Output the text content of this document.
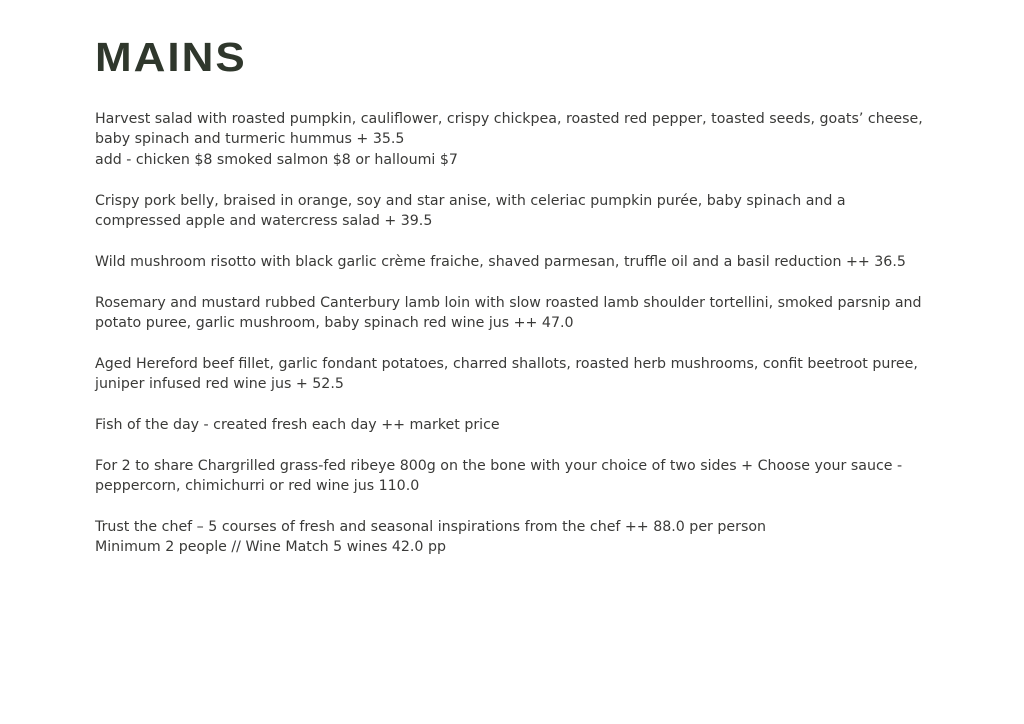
MAINS
Harvest salad with roasted pumpkin, cauliflower, crispy chickpea, roasted red pepper, toasted seeds, goats’ cheese, baby spinach and turmeric hummus + 35.5
add - chicken $8 smoked salmon $8 or halloumi $7
Crispy pork belly, braised in orange, soy and star anise, with celeriac pumpkin purée, baby spinach and a compressed apple and watercress salad + 39.5
Wild mushroom risotto with black garlic crème fraiche, shaved parmesan, truffle oil and a basil reduction ++ 36.5
Rosemary and mustard rubbed Canterbury lamb loin with slow roasted lamb shoulder tortellini, smoked parsnip and potato puree, garlic mushroom, baby spinach red wine jus ++ 47.0
Aged Hereford beef fillet, garlic fondant potatoes, charred shallots, roasted herb mushrooms, confit beetroot puree, juniper infused red wine jus + 52.5
Fish of the day - created fresh each day ++ market price
For 2 to share Chargrilled grass-fed ribeye 800g on the bone with your choice of two sides + Choose your sauce - peppercorn, chimichurri or red wine jus 110.0
Trust the chef – 5 courses of fresh and seasonal inspirations from the chef ++ 88.0 per person
Minimum 2 people // Wine Match 5 wines 42.0 pp
